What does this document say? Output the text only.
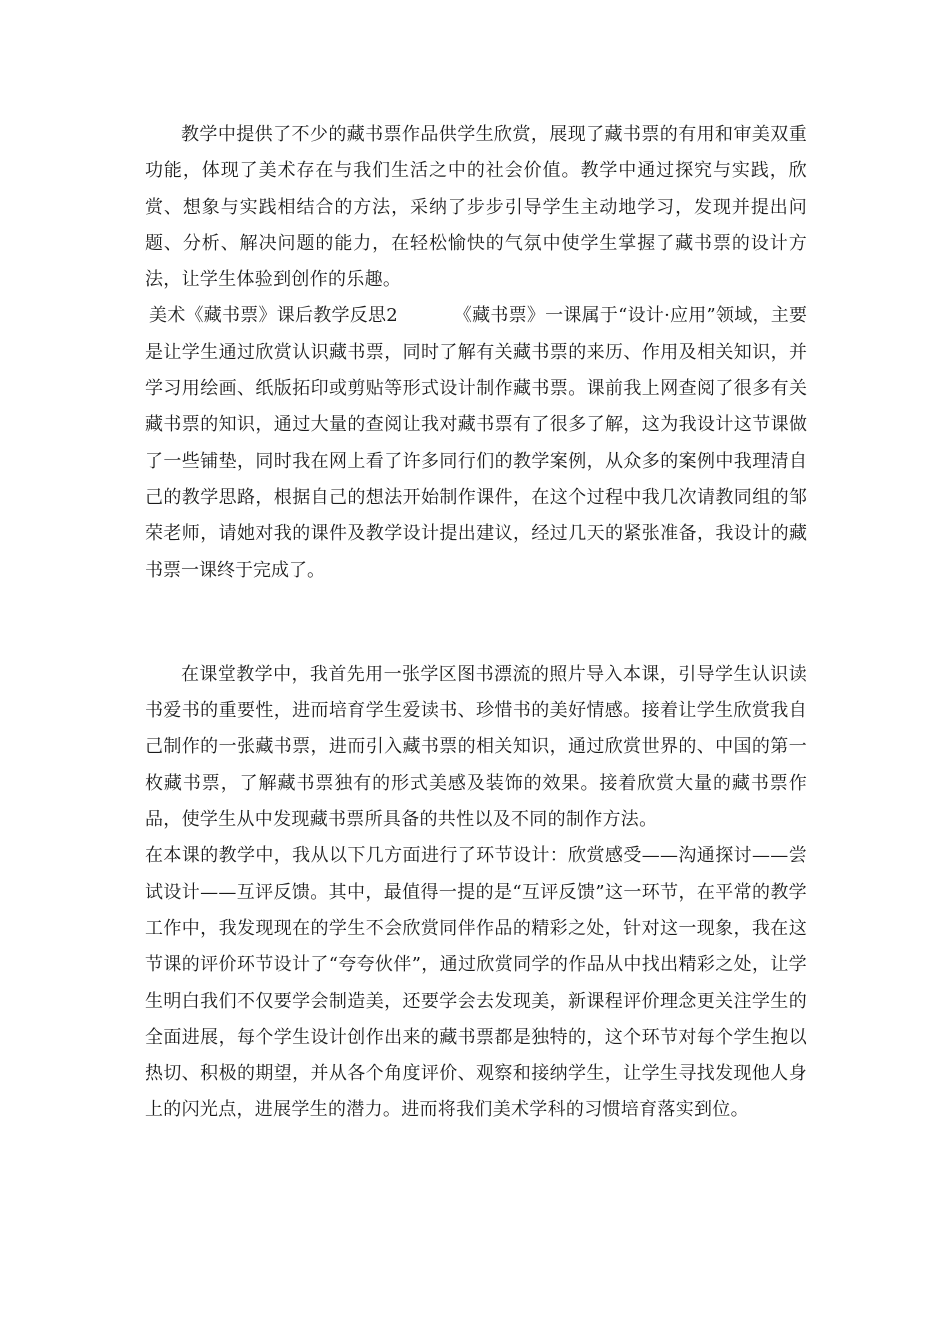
教学中提供了不少的藏书票作品供学生欣赏，展现了藏书票的有用和审美双重功能，体现了美术存在与我们生活之中的社会价值。教学中通过探究与实践，欣赏、想象与实践相结合的方法，采纳了步步引导学生主动地学习，发现并提出问题、分析、解决问题的能力，在轻松愉快的气氛中使学生掌握了藏书票的设计方法，让学生体验到创作的乐趣。

美术《藏书票》课后教学反思2	《藏书票》一课属于“设计·应用”领域，主要是让学生通过欣赏认识藏书票，同时了解有关藏书票的来历、作用及相关知识，并学习用绘画、纸版拓印或剪贴等形式设计制作藏书票。课前我上网查阅了很多有关藏书票的知识，通过大量的查阅让我对藏书票有了很多了解，这为我设计这节课做了一些铺垫，同时我在网上看了许多同行们的教学案例，从众多的案例中我理清自己的教学思路，根据自己的想法开始制作课件，在这个过程中我几次请教同组的邹荣老师，请她对我的课件及教学设计提出建议，经过几天的紧张准备，我设计的藏书票一课终于完成了。

在课堂教学中，我首先用一张学区图书漂流的照片导入本课，引导学生认识读书爱书的重要性，进而培育学生爱读书、珍惜书的美好情感。接着让学生欣赏我自己制作的一张藏书票，进而引入藏书票的相关知识，通过欣赏世界的、中国的第一枚藏书票，了解藏书票独有的形式美感及装饰的效果。接着欣赏大量的藏书票作品，使学生从中发现藏书票所具备的共性以及不同的制作方法。

在本课的教学中，我从以下几方面进行了环节设计：欣赏感受——沟通探讨——尝试设计——互评反馈。其中，最值得一提的是“互评反馈”这一环节，在平常的教学工作中，我发现现在的学生不会欣赏同伴作品的精彩之处，针对这一现象，我在这节课的评价环节设计了“夸夸伙伴”，通过欣赏同学的作品从中找出精彩之处，让学生明白我们不仅要学会制造美，还要学会去发现美，新课程评价理念更关注学生的全面进展，每个学生设计创作出来的藏书票都是独特的，这个环节对每个学生抱以热切、积极的期望，并从各个角度评价、观察和接纳学生，让学生寻找发现他人身上的闪光点，进展学生的潜力。进而将我们美术学科的习惯培育落实到位。
